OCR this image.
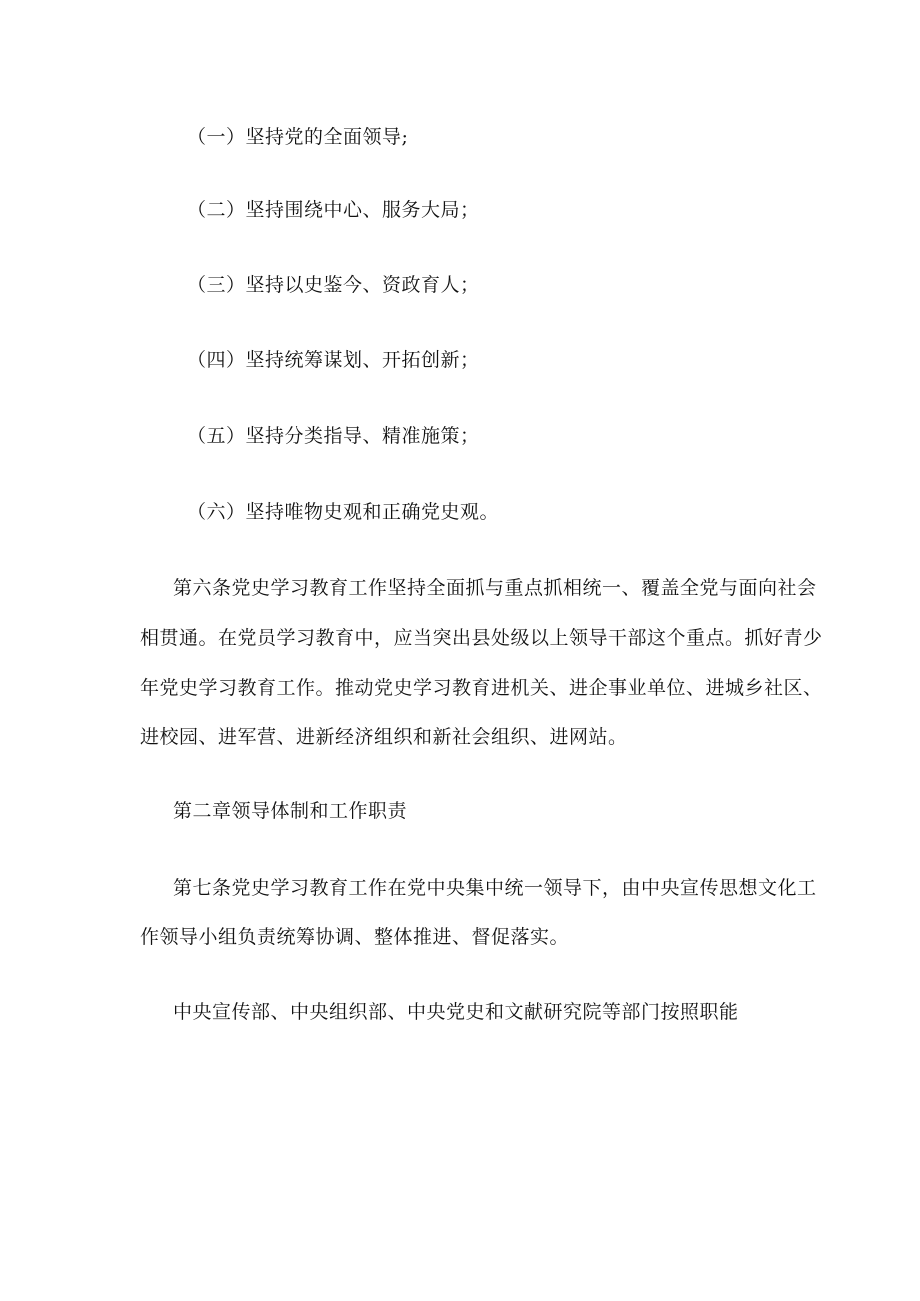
（一）坚持党的全面领导;
（二）坚持围绕中心、服务大局；
（三）坚持以史鉴今、资政育人；
（四）坚持统筹谋划、开拓创新；
（五）坚持分类指导、精准施策；
（六）坚持唯物史观和正确党史观。
第六条党史学习教育工作坚持全面抓与重点抓相统一、覆盖全党与面向社会
相贯通。在党员学习教育中，应当突出县处级以上领导干部这个重点。抓好青少
年党史学习教育工作。推动党史学习教育进机关、进企事业单位、进城乡社区、
进校园、进军营、进新经济组织和新社会组织、进网站。
第二章领导体制和工作职责
第七条党史学习教育工作在党中央集中统一领导下，由中央宣传思想文化工
作领导小组负责统筹协调、整体推进、督促落实。
中央宣传部、中央组织部、中央党史和文献研究院等部门按照职能
